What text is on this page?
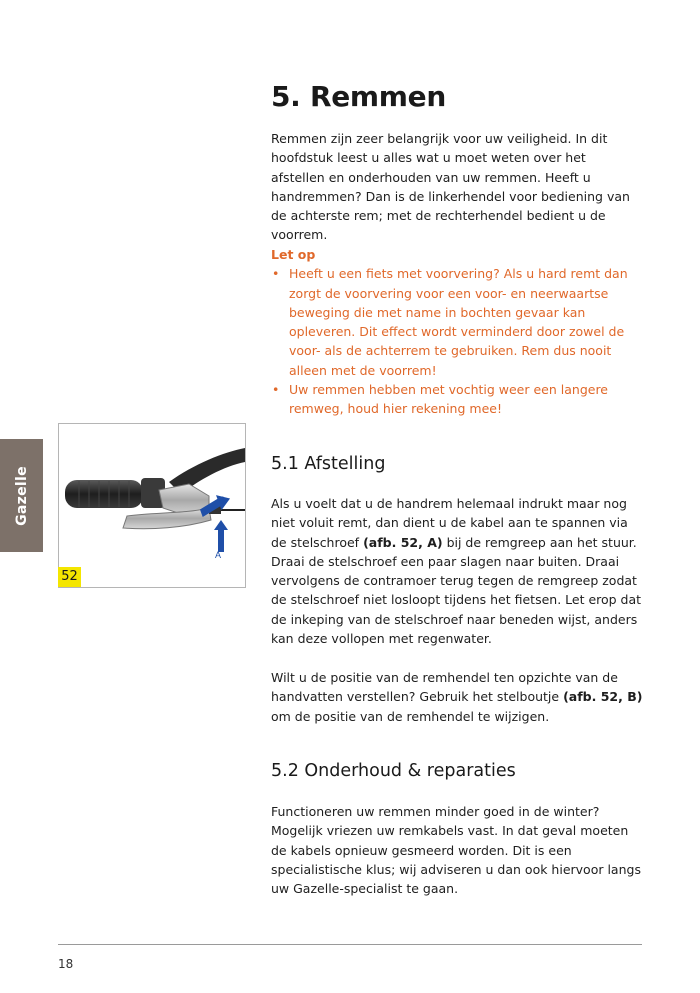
Gazelle
5. Remmen

Remmen zijn zeer belangrijk voor uw veiligheid. In dit hoofdstuk leest u alles wat u moet weten over het afstellen en onderhouden van uw remmen. Heeft u handremmen? Dan is de linkerhendel voor bediening van de achterste rem; met de rechterhendel bedient u de voorrem.

Let op
• Heeft u een fiets met voorvering? Als u hard remt dan zorgt de voorvering voor een voor- en neerwaartse beweging die met name in bochten gevaar kan opleveren. Dit effect wordt verminderd door zowel de voor- als de achterrem te gebruiken. Rem dus nooit alleen met de voorrem!
• Uw remmen hebben met vochtig weer een langere remweg, houd hier rekening mee!
B
A
52
5.1 Afstelling

Als u voelt dat u de handrem helemaal indrukt maar nog niet voluit remt, dan dient u de kabel aan te spannen via de stelschroef (afb. 52, A) bij de remgreep aan het stuur. Draai de stelschroef een paar slagen naar buiten. Draai vervolgens de contramoer terug tegen de remgreep zodat de stelschroef niet losloopt tijdens het fietsen. Let erop dat de inkeping van de stelschroef naar beneden wijst, anders kan deze vollopen met regenwater.

Wilt u de positie van de remhendel ten opzichte van de handvatten verstellen? Gebruik het stelboutje (afb. 52, B) om de positie van de remhendel te wijzigen.

5.2 Onderhoud & reparaties

Functioneren uw remmen minder goed in de winter? Mogelijk vriezen uw remkabels vast. In dat geval moeten de kabels opnieuw gesmeerd worden. Dit is een specialistische klus; wij adviseren u dan ook hiervoor langs uw Gazelle-specialist te gaan.

18
